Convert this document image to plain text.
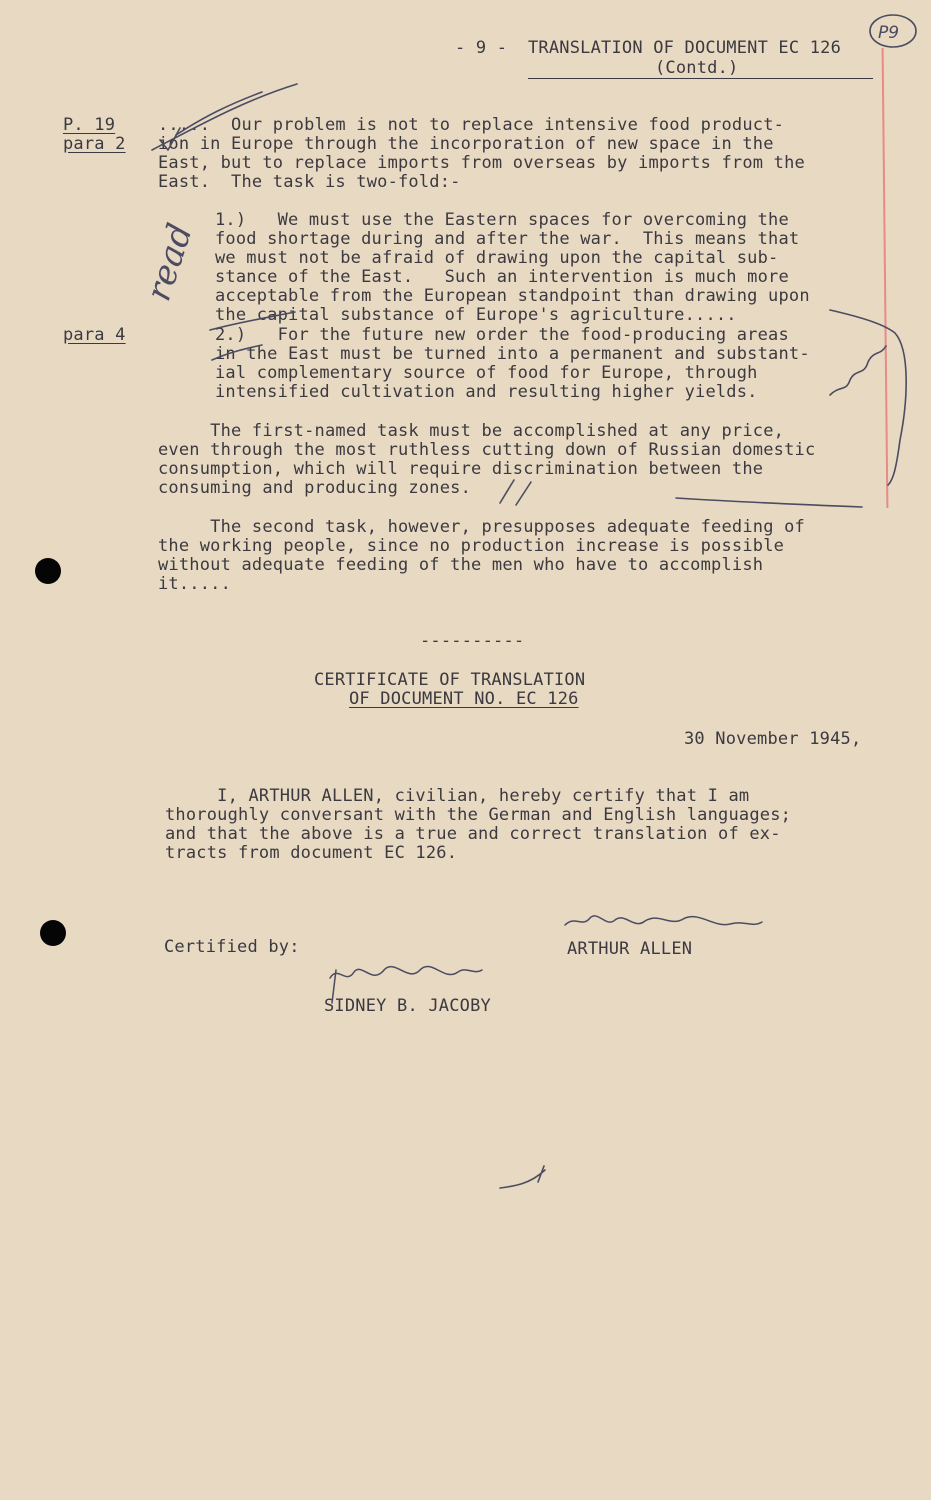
- 9 - TRANSLATION OF DOCUMENT EC 126
(Contd.)
P. 19
para 2
para 4
.....  Our problem is not to replace intensive food product-
ion in Europe through the incorporation of new space in the
East, but to replace imports from overseas by imports from the
East.  The task is two-fold:-
1.)   We must use the Eastern spaces for overcoming the
food shortage during and after the war.  This means that
we must not be afraid of drawing upon the capital sub-
stance of the East.   Such an intervention is much more
acceptable from the European standpoint than drawing upon
the capital substance of Europe's agriculture.....
2.)   For the future new order the food-producing areas
in the East must be turned into a permanent and substant-
ial complementary source of food for Europe, through
intensified cultivation and resulting higher yields.
The first-named task must be accomplished at any price,
even through the most ruthless cutting down of Russian domestic
consumption, which will require discrimination between the
consuming and producing zones.
The second task, however, presupposes adequate feeding of
the working people, since no production increase is possible
without adequate feeding of the men who have to accomplish
it.....
----------
CERTIFICATE OF TRANSLATION
OF DOCUMENT NO. EC 126
30 November 1945,
I, ARTHUR ALLEN, civilian, hereby certify that I am
thoroughly conversant with the German and English languages;
and that the above is a true and correct translation of ex-
tracts from document EC 126.
Certified by:	ARTHUR ALLEN
SIDNEY B. JACOBY
P9
read
